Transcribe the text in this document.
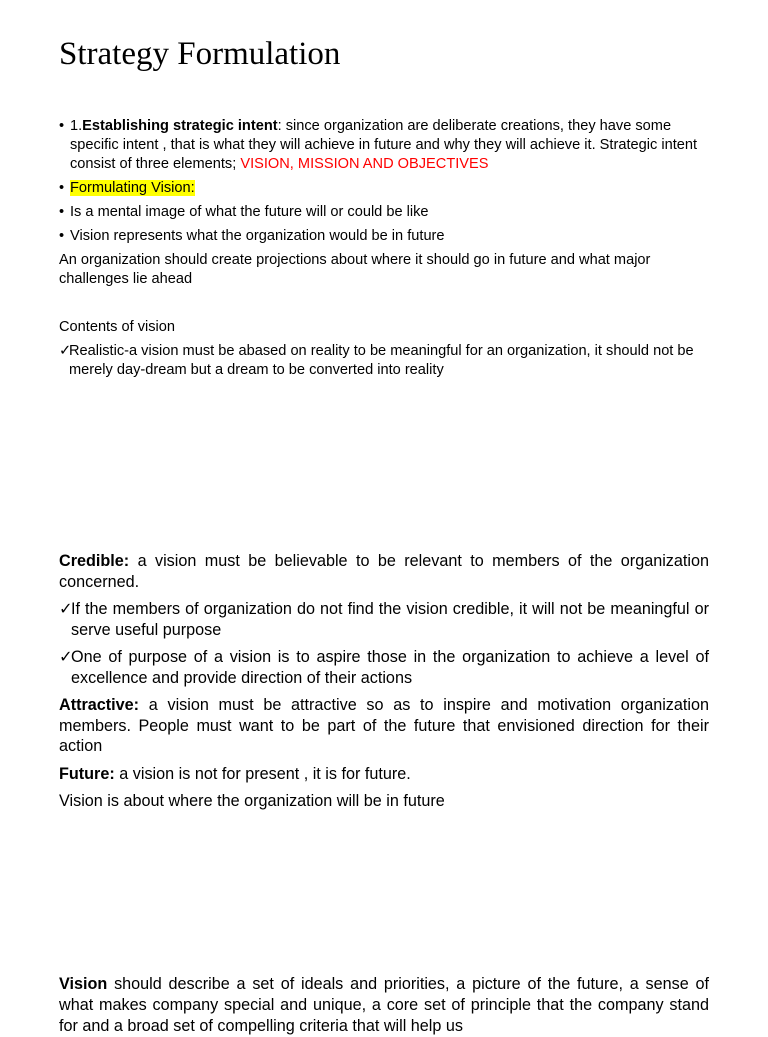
Strategy Formulation
• 1.Establishing strategic intent: since organization are deliberate creations, they have some specific intent , that is what they will achieve in future and why they will achieve it. Strategic intent consist of three elements; VISION, MISSION AND OBJECTIVES
• Formulating Vision:
• Is a mental image of what the future will or could be like
• Vision represents what the organization would be in future

An organization should create projections about where it should go in future and what major challenges lie ahead

Contents of vision

✓
Realistic-a vision must be abased on reality to be meaningful for an organization, it should not be merely day-dream but a dream to be converted into reality

Credible: a vision must be believable to be relevant to members of the organization concerned.

✓
If the members of organization do not find the vision credible, it will not be meaningful or serve useful purpose
✓
One of purpose of a vision is to aspire those in the organization to achieve a level of excellence and provide direction of their actions

Attractive: a vision must be attractive so as to inspire and motivation organization members. People must want to be part of the future that envisioned direction for their action

Future: a vision is not for present , it is for future.

Vision is about where the organization will be in future

Vision should describe a set of ideals and priorities, a picture of the future, a sense of what makes company special and unique, a core set of principle that the company stand for and a broad set of compelling criteria that will help us
